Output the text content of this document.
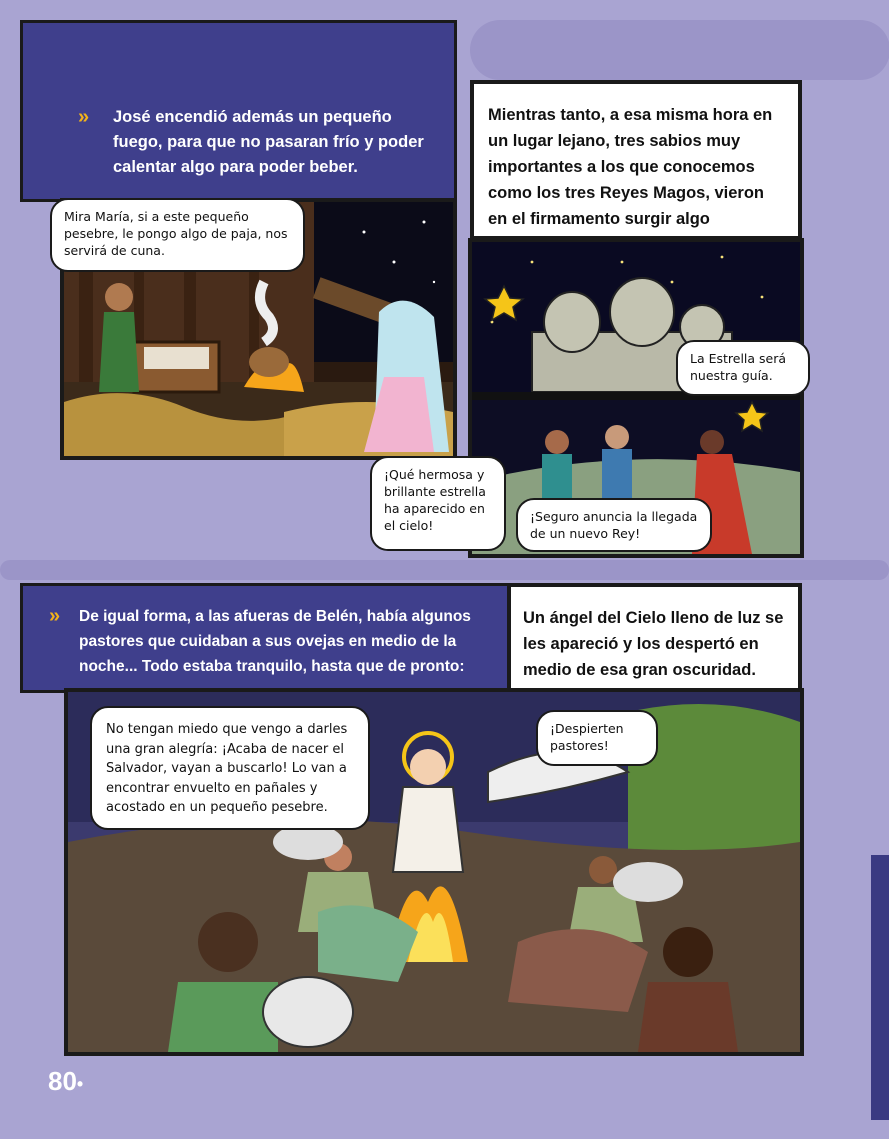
» José encendió además un pequeño fuego, para que no pasaran frío y poder calentar algo para poder beber.
Mira María, si a este pequeño pesebre, le pongo algo de paja, nos servirá de cuna.
Mientras tanto, a esa misma hora en un lugar lejano, tres sabios muy importantes a los que conocemos como los tres Reyes Magos, vieron en el firmamento surgir algo
La Estrella será nuestra guía.
¡Qué hermosa y brillante estrella ha aparecido en el cielo!
¡Seguro anuncia la llegada de un nuevo Rey!
» De igual forma, a las afueras de Belén, había algunos pastores que cuidaban a sus ovejas en medio de la noche... Todo estaba tranquilo, hasta que de pronto:
Un ángel del Cielo lleno de luz se les apareció y los despertó en medio de esa gran oscuridad.
No tengan miedo que vengo a darles una gran alegría: ¡Acaba de nacer el Salvador, vayan a buscarlo! Lo van a encontrar envuelto en pañales y acostado en un pequeño pesebre.
¡Despierten pastores!
80•
